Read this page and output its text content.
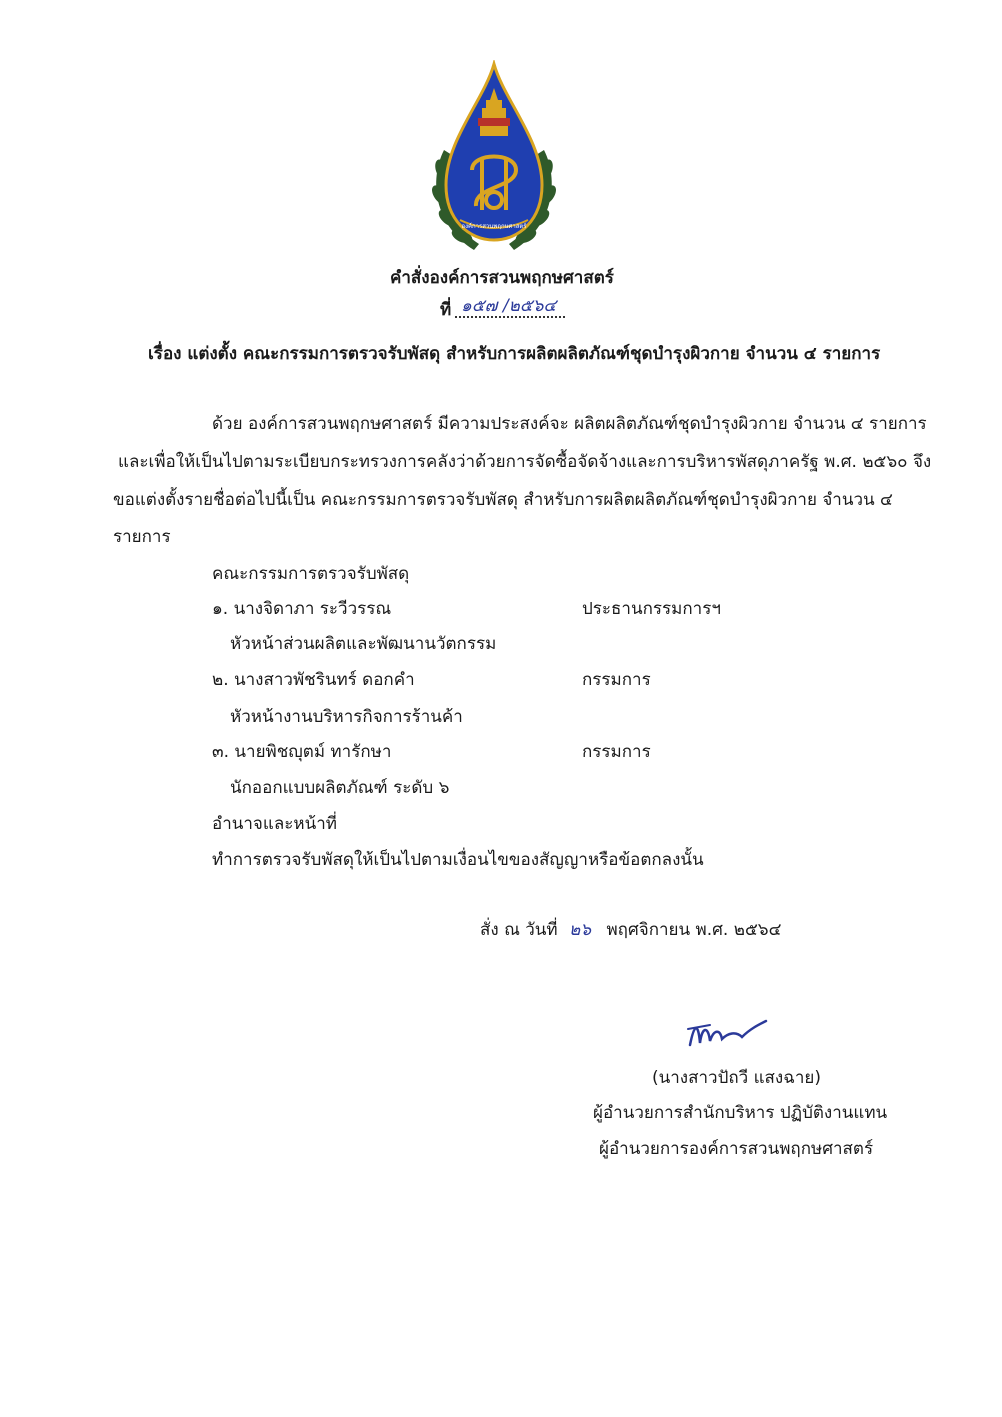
องค์การสวนพฤกษศาสตร์
คำสั่งองค์การสวนพฤกษศาสตร์
ที่ ๑๕๗ /๒๕๖๔
เรื่อง แต่งตั้ง คณะกรรมการตรวจรับพัสดุ สำหรับการผลิตผลิตภัณฑ์ชุดบำรุงผิวกาย จำนวน ๔ รายการ
ด้วย องค์การสวนพฤกษศาสตร์ มีความประสงค์จะ ผลิตผลิตภัณฑ์ชุดบำรุงผิวกาย จำนวน ๔ รายการ
และเพื่อให้เป็นไปตามระเบียบกระทรวงการคลังว่าด้วยการจัดซื้อจัดจ้างและการบริหารพัสดุภาครัฐ พ.ศ. ๒๕๖๐ จึง
ขอแต่งตั้งรายชื่อต่อไปนี้เป็น คณะกรรมการตรวจรับพัสดุ สำหรับการผลิตผลิตภัณฑ์ชุดบำรุงผิวกาย จำนวน ๔
รายการ
คณะกรรมการตรวจรับพัสดุ
๑. นางจิดาภา ระวีวรรณ	ประธานกรรมการฯ
หัวหน้าส่วนผลิตและพัฒนานวัตกรรม
๒. นางสาวพัชรินทร์ ดอกคำ	กรรมการ
หัวหน้างานบริหารกิจการร้านค้า
๓. นายพิชญุตม์ ทารักษา	กรรมการ
นักออกแบบผลิตภัณฑ์ ระดับ ๖
อำนาจและหน้าที่
ทำการตรวจรับพัสดุให้เป็นไปตามเงื่อนไขของสัญญาหรือข้อตกลงนั้น
สั่ง ณ วันที่ ๒๖ พฤศจิกายน พ.ศ. ๒๕๖๔
(นางสาวปัถวี แสงฉาย)
ผู้อำนวยการสำนักบริหาร ปฏิบัติงานแทน
ผู้อำนวยการองค์การสวนพฤกษศาสตร์
